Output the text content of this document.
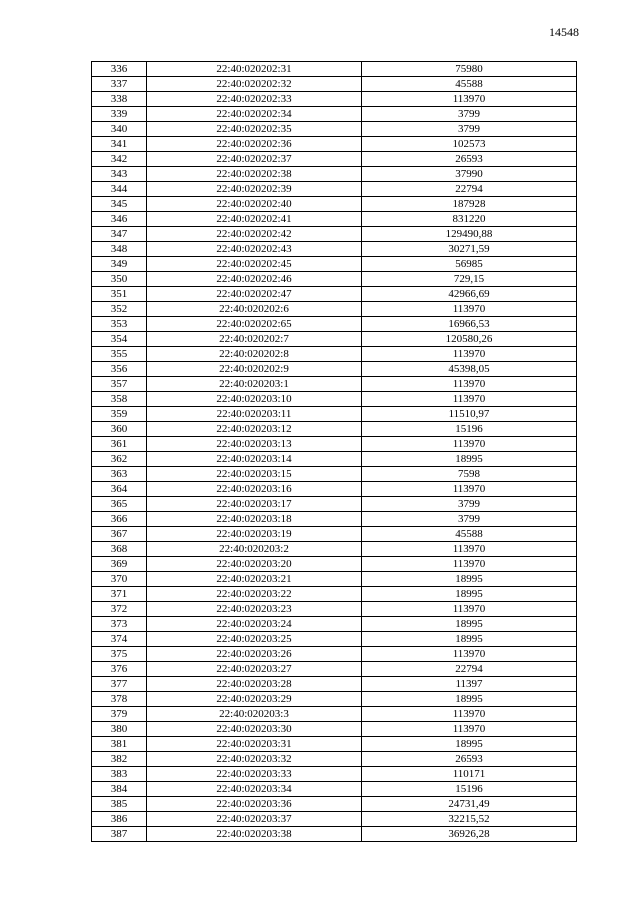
14548
336	22:40:020202:31	75980
337	22:40:020202:32	45588
338	22:40:020202:33	113970
339	22:40:020202:34	3799
340	22:40:020202:35	3799
341	22:40:020202:36	102573
342	22:40:020202:37	26593
343	22:40:020202:38	37990
344	22:40:020202:39	22794
345	22:40:020202:40	187928
346	22:40:020202:41	831220
347	22:40:020202:42	129490,88
348	22:40:020202:43	30271,59
349	22:40:020202:45	56985
350	22:40:020202:46	729,15
351	22:40:020202:47	42966,69
352	22:40:020202:6	113970
353	22:40:020202:65	16966,53
354	22:40:020202:7	120580,26
355	22:40:020202:8	113970
356	22:40:020202:9	45398,05
357	22:40:020203:1	113970
358	22:40:020203:10	113970
359	22:40:020203:11	11510,97
360	22:40:020203:12	15196
361	22:40:020203:13	113970
362	22:40:020203:14	18995
363	22:40:020203:15	7598
364	22:40:020203:16	113970
365	22:40:020203:17	3799
366	22:40:020203:18	3799
367	22:40:020203:19	45588
368	22:40:020203:2	113970
369	22:40:020203:20	113970
370	22:40:020203:21	18995
371	22:40:020203:22	18995
372	22:40:020203:23	113970
373	22:40:020203:24	18995
374	22:40:020203:25	18995
375	22:40:020203:26	113970
376	22:40:020203:27	22794
377	22:40:020203:28	11397
378	22:40:020203:29	18995
379	22:40:020203:3	113970
380	22:40:020203:30	113970
381	22:40:020203:31	18995
382	22:40:020203:32	26593
383	22:40:020203:33	110171
384	22:40:020203:34	15196
385	22:40:020203:36	24731,49
386	22:40:020203:37	32215,52
387	22:40:020203:38	36926,28
